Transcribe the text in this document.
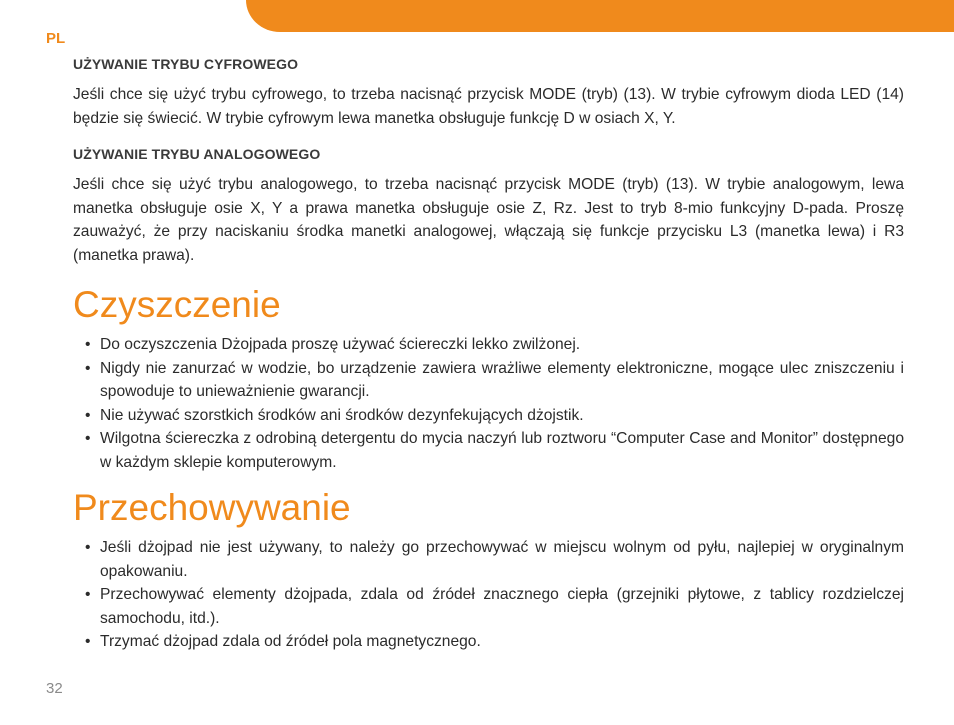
PL
UŻYWANIE TRYBU CYFROWEGO

Jeśli chce się użyć trybu cyfrowego, to trzeba nacisnąć przycisk MODE (tryb) (13). W trybie cyfrowym dioda LED (14) będzie się świecić. W trybie cyfrowym lewa manetka obsługuje funkcję D w osiach X, Y.

UŻYWANIE TRYBU ANALOGOWEGO

Jeśli chce się użyć trybu analogowego, to trzeba nacisnąć przycisk MODE (tryb) (13). W trybie analogowym, lewa manetka obsługuje osie X, Y a prawa manetka obsługuje osie Z, Rz. Jest to tryb 8-mio funkcyjny D-pada. Proszę zauważyć, że przy naciskaniu środka manetki analogowej, włączają się funkcje przycisku L3 (manetka lewa) i R3 (manetka prawa).

Czyszczenie
• Do oczyszczenia Dżojpada proszę używać ściereczki lekko zwilżonej.
• Nigdy nie zanurzać w wodzie, bo urządzenie zawiera wrażliwe elementy elektroniczne, mogące ulec zniszczeniu i spowoduje to unieważnienie gwarancji.
• Nie używać szorstkich środków ani środków dezynfekujących dżojstik.
• Wilgotna ściereczka z odrobiną detergentu do mycia naczyń lub roztworu “Computer Case and Monitor” dostępnego w każdym sklepie komputerowym.
Przechowywanie
• Jeśli dżojpad nie jest używany, to należy go przechowywać w miejscu wolnym od pyłu, najlepiej w oryginalnym opakowaniu.
• Przechowywać elementy dżojpada, zdala od źródeł znacznego ciepła (grzejniki płytowe, z tablicy rozdzielczej samochodu, itd.).
• Trzymać dżojpad zdala od źródeł pola magnetycznego.
32
